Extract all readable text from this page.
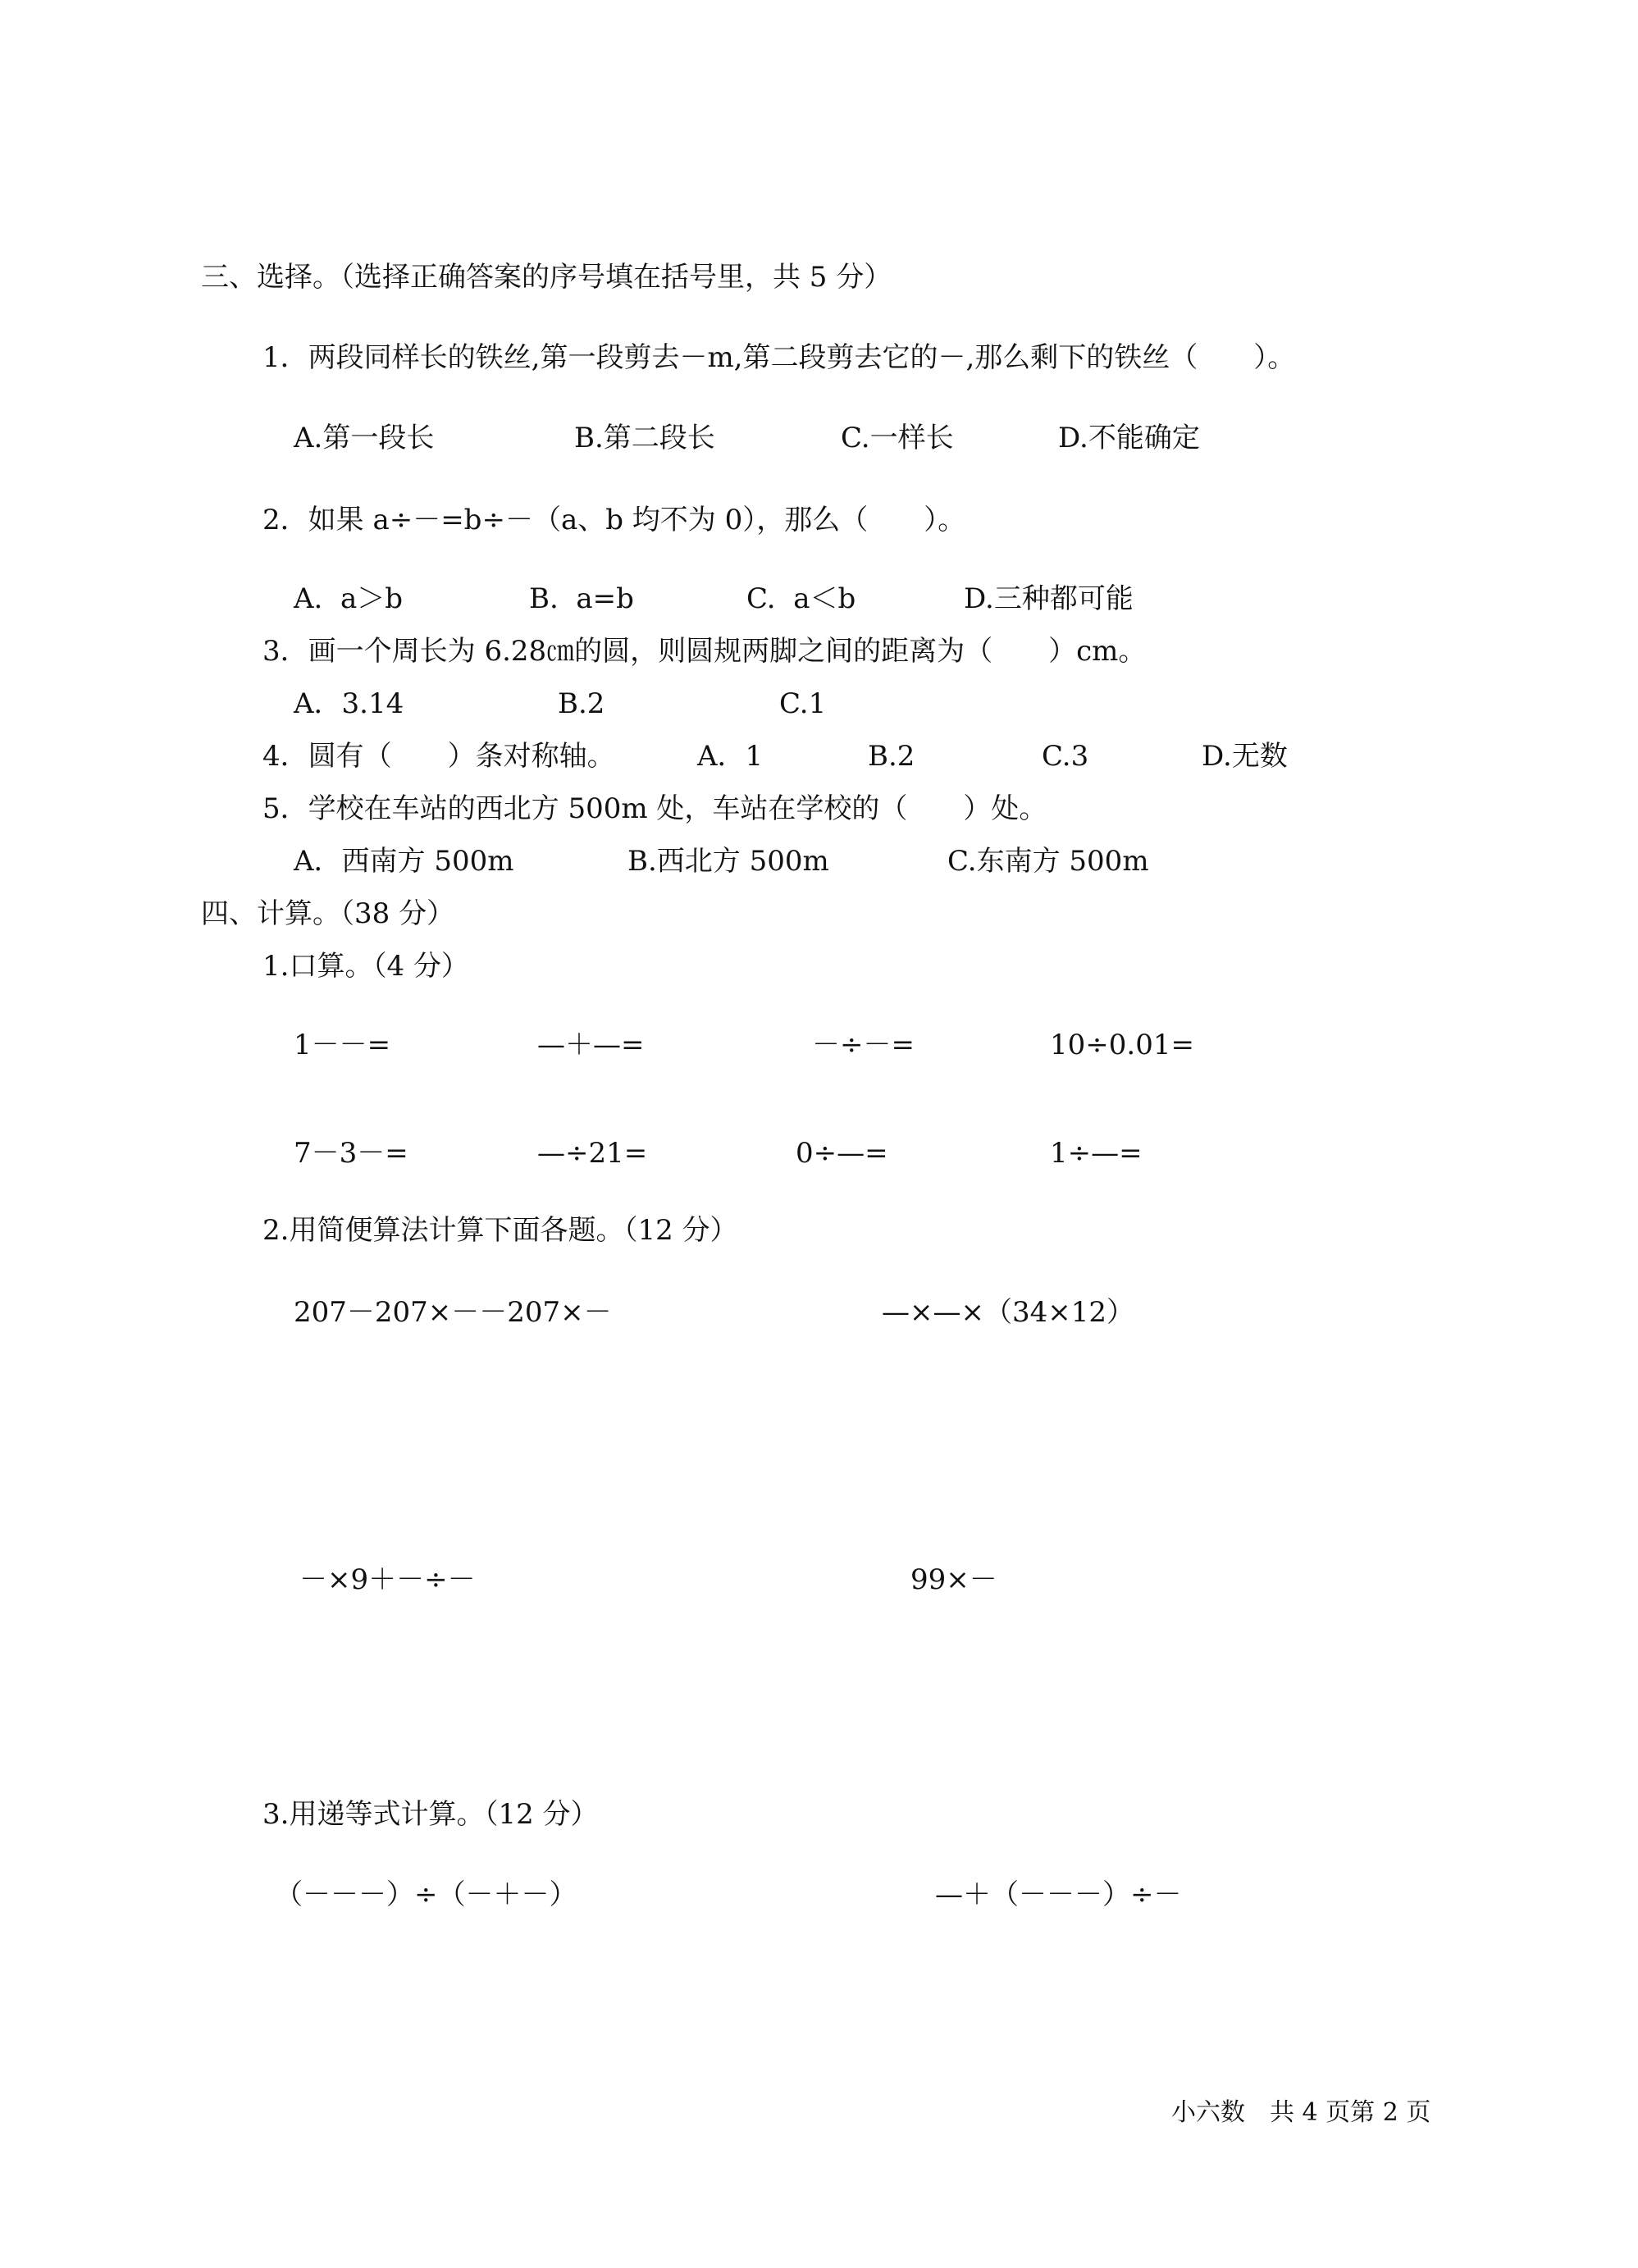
三、选择。（选择正确答案的序号填在括号里，共 5 分）
1．两段同样长的铁丝,第一段剪去－m,第二段剪去它的－,那么剩下的铁丝（　　）。
A.第一段长	B.第二段长	C.一样长	D.不能确定
2．如果 a÷－=b÷－（a、b 均不为 0），那么（　　）。
A.  a＞b	B.  a=b	C.  a＜b	D.三种都可能
3．画一个周长为 6.28㎝的圆，则圆规两脚之间的距离为（　　）cm。
A．3.14	B.2	C.1
4．圆有（　　）条对称轴。	A．1	B.2	C.3	D.无数
5．学校在车站的西北方 500m 处，车站在学校的（　　）处。
A．西南方 500m	B.西北方 500m	C.东南方 500m
四、计算。（38 分）
1.口算。（4 分）
1－－=	—＋—=	－÷－=	10÷0.01=
7－3－=	—÷21=	0÷—=	1÷—=
2.用简便算法计算下面各题。（12 分）
207－207×－－207×－	—×—×（34×12）
－×9＋－÷－	99×－
3.用递等式计算。（12 分）
（－－－）÷（－＋－）	—＋（－－－）÷－
小六数　共 4 页第 2 页
